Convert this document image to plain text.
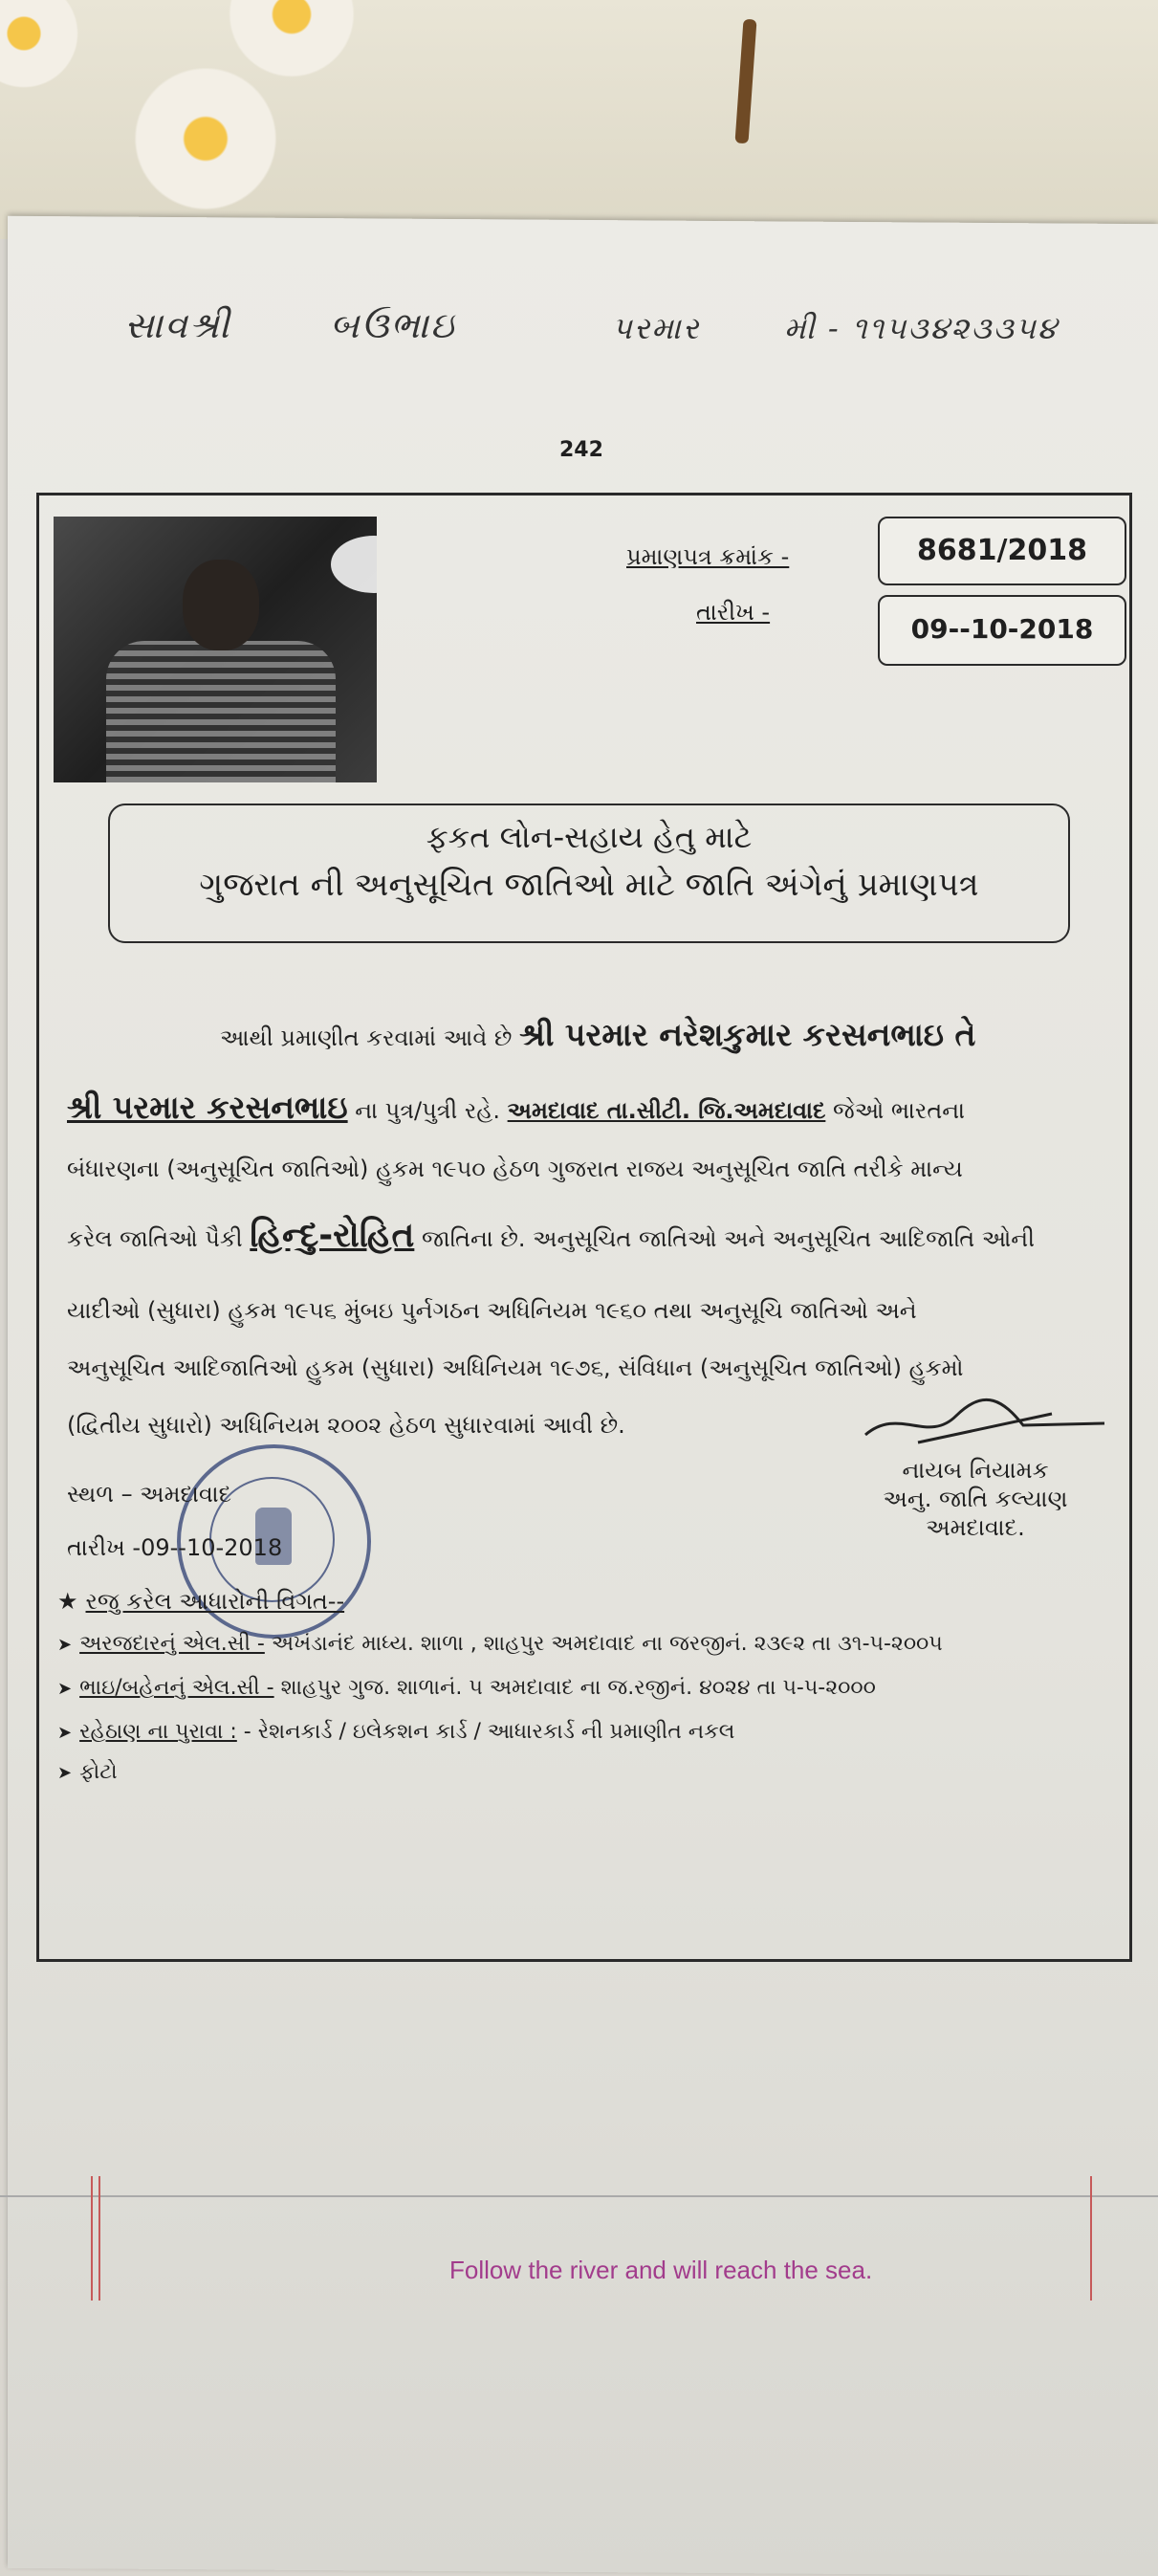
સાવશ્રી	બઉભાઇ	પરમાર	મી - ૧૧૫૩૪૨૩૩૫૪
242
પ્રમાણપત્ર ક્રમાંક -	8681/2018
તારીખ -
09--10-2018
ફકત લોન-સહાય હેતુ માટે
ગુજરાત ની અનુસૂચિત જાતિઓ માટે જાતિ અંગેનું પ્રમાણપત્ર
આથી પ્રમાણીત કરવામાં આવે છે શ્રી પરમાર નરેશકુમાર કરસનભાઇ તે
શ્રી પરમાર કરસનભાઇ ના પુત્ર/પુત્રી રહે. અમદાવાદ તા.સીટી. જિ.અમદાવાદ જેઓ ભારતના
બંધારણના (અનુસૂચિત જાતિઓ) હુકમ ૧૯૫૦ હેઠળ ગુજરાત રાજય અનુસૂચિત જાતિ તરીકે માન્ય
કરેલ જાતિઓ પૈકી હિન્દુ-રોહિત જાતિના છે. અનુસૂચિત જાતિઓ અને અનુસૂચિત આદિજાતિ ઓની
યાદીઓ (સુધારા) હુકમ ૧૯૫૬ મુંબઇ પુર્નગઠન અધિનિયમ ૧૯૬૦ તથા અનુસૂચિ જાતિઓ અને
અનુસૂચિત આદિજાતિઓ હુકમ (સુધારા) અધિનિયમ ૧૯૭૬, સંવિધાન (અનુસૂચિત જાતિઓ) હુકમો
(દ્વિતીય સુધારો) અધિનિયમ ૨૦૦૨ હેઠળ સુધારવામાં આવી છે.
નાયબ નિયામક
અનુ. જાતિ કલ્યાણ
અમદાવાદ.
સ્થળ – અમદાવાદ
તારીખ -09--10-2018
★ રજુ કરેલ આધારોની વિગત--
➤ અરજદારનું એલ.સી - અખંડાનંદ માધ્ય. શાળા , શાહપુર અમદાવાદ ના જરજીનં. ૨૩૯૨ તા ૩૧-૫-૨૦૦૫
➤ ભાઇ/બહેનનું એલ.સી - શાહપુર ગુજ. શાળાનં. ૫ અમદાવાદ ના જ.રજીનં. ૪૦૨૪ તા ૫-૫-૨૦૦૦
➤ રહેઠાણ ના પુરાવા : - રેશનકાર્ડ / ઇલેકશન કાર્ડ / આધારકાર્ડ ની પ્રમાણીત નકલ
➤ ફોટો
Follow the river and will reach the sea.
